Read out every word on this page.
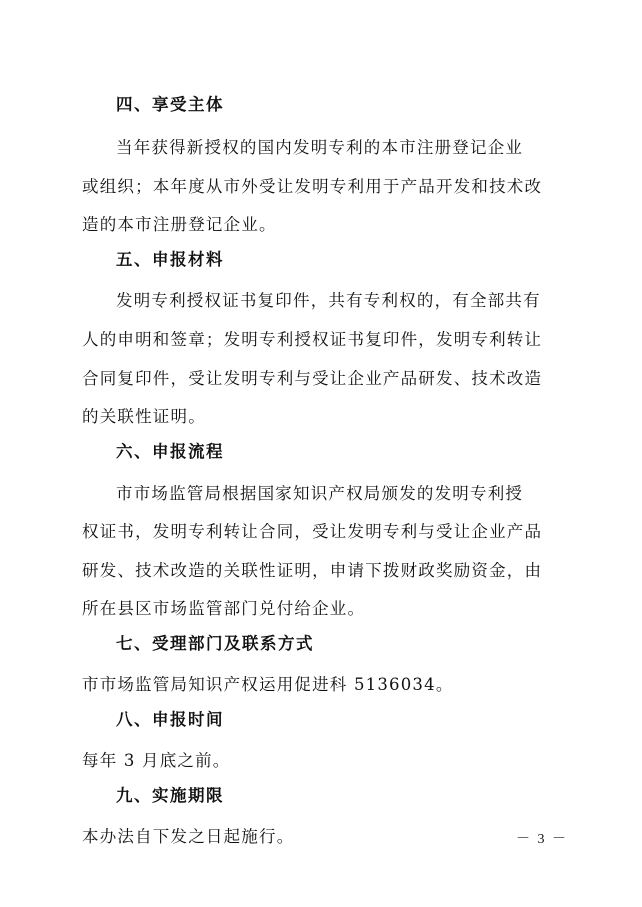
四、享受主体
当年获得新授权的国内发明专利的本市注册登记企业
或组织；本年度从市外受让发明专利用于产品开发和技术改
造的本市注册登记企业。
五、申报材料
发明专利授权证书复印件，共有专利权的，有全部共有
人的申明和签章；发明专利授权证书复印件，发明专利转让
合同复印件，受让发明专利与受让企业产品研发、技术改造
的关联性证明。
六、申报流程
市市场监管局根据国家知识产权局颁发的发明专利授
权证书，发明专利转让合同，受让发明专利与受让企业产品
研发、技术改造的关联性证明，申请下拨财政奖励资金，由
所在县区市场监管部门兑付给企业。
七、受理部门及联系方式
市市场监管局知识产权运用促进科 5136034。
八、申报时间
每年 3 月底之前。
九、实施期限
本办法自下发之日起施行。	－ 3 －
